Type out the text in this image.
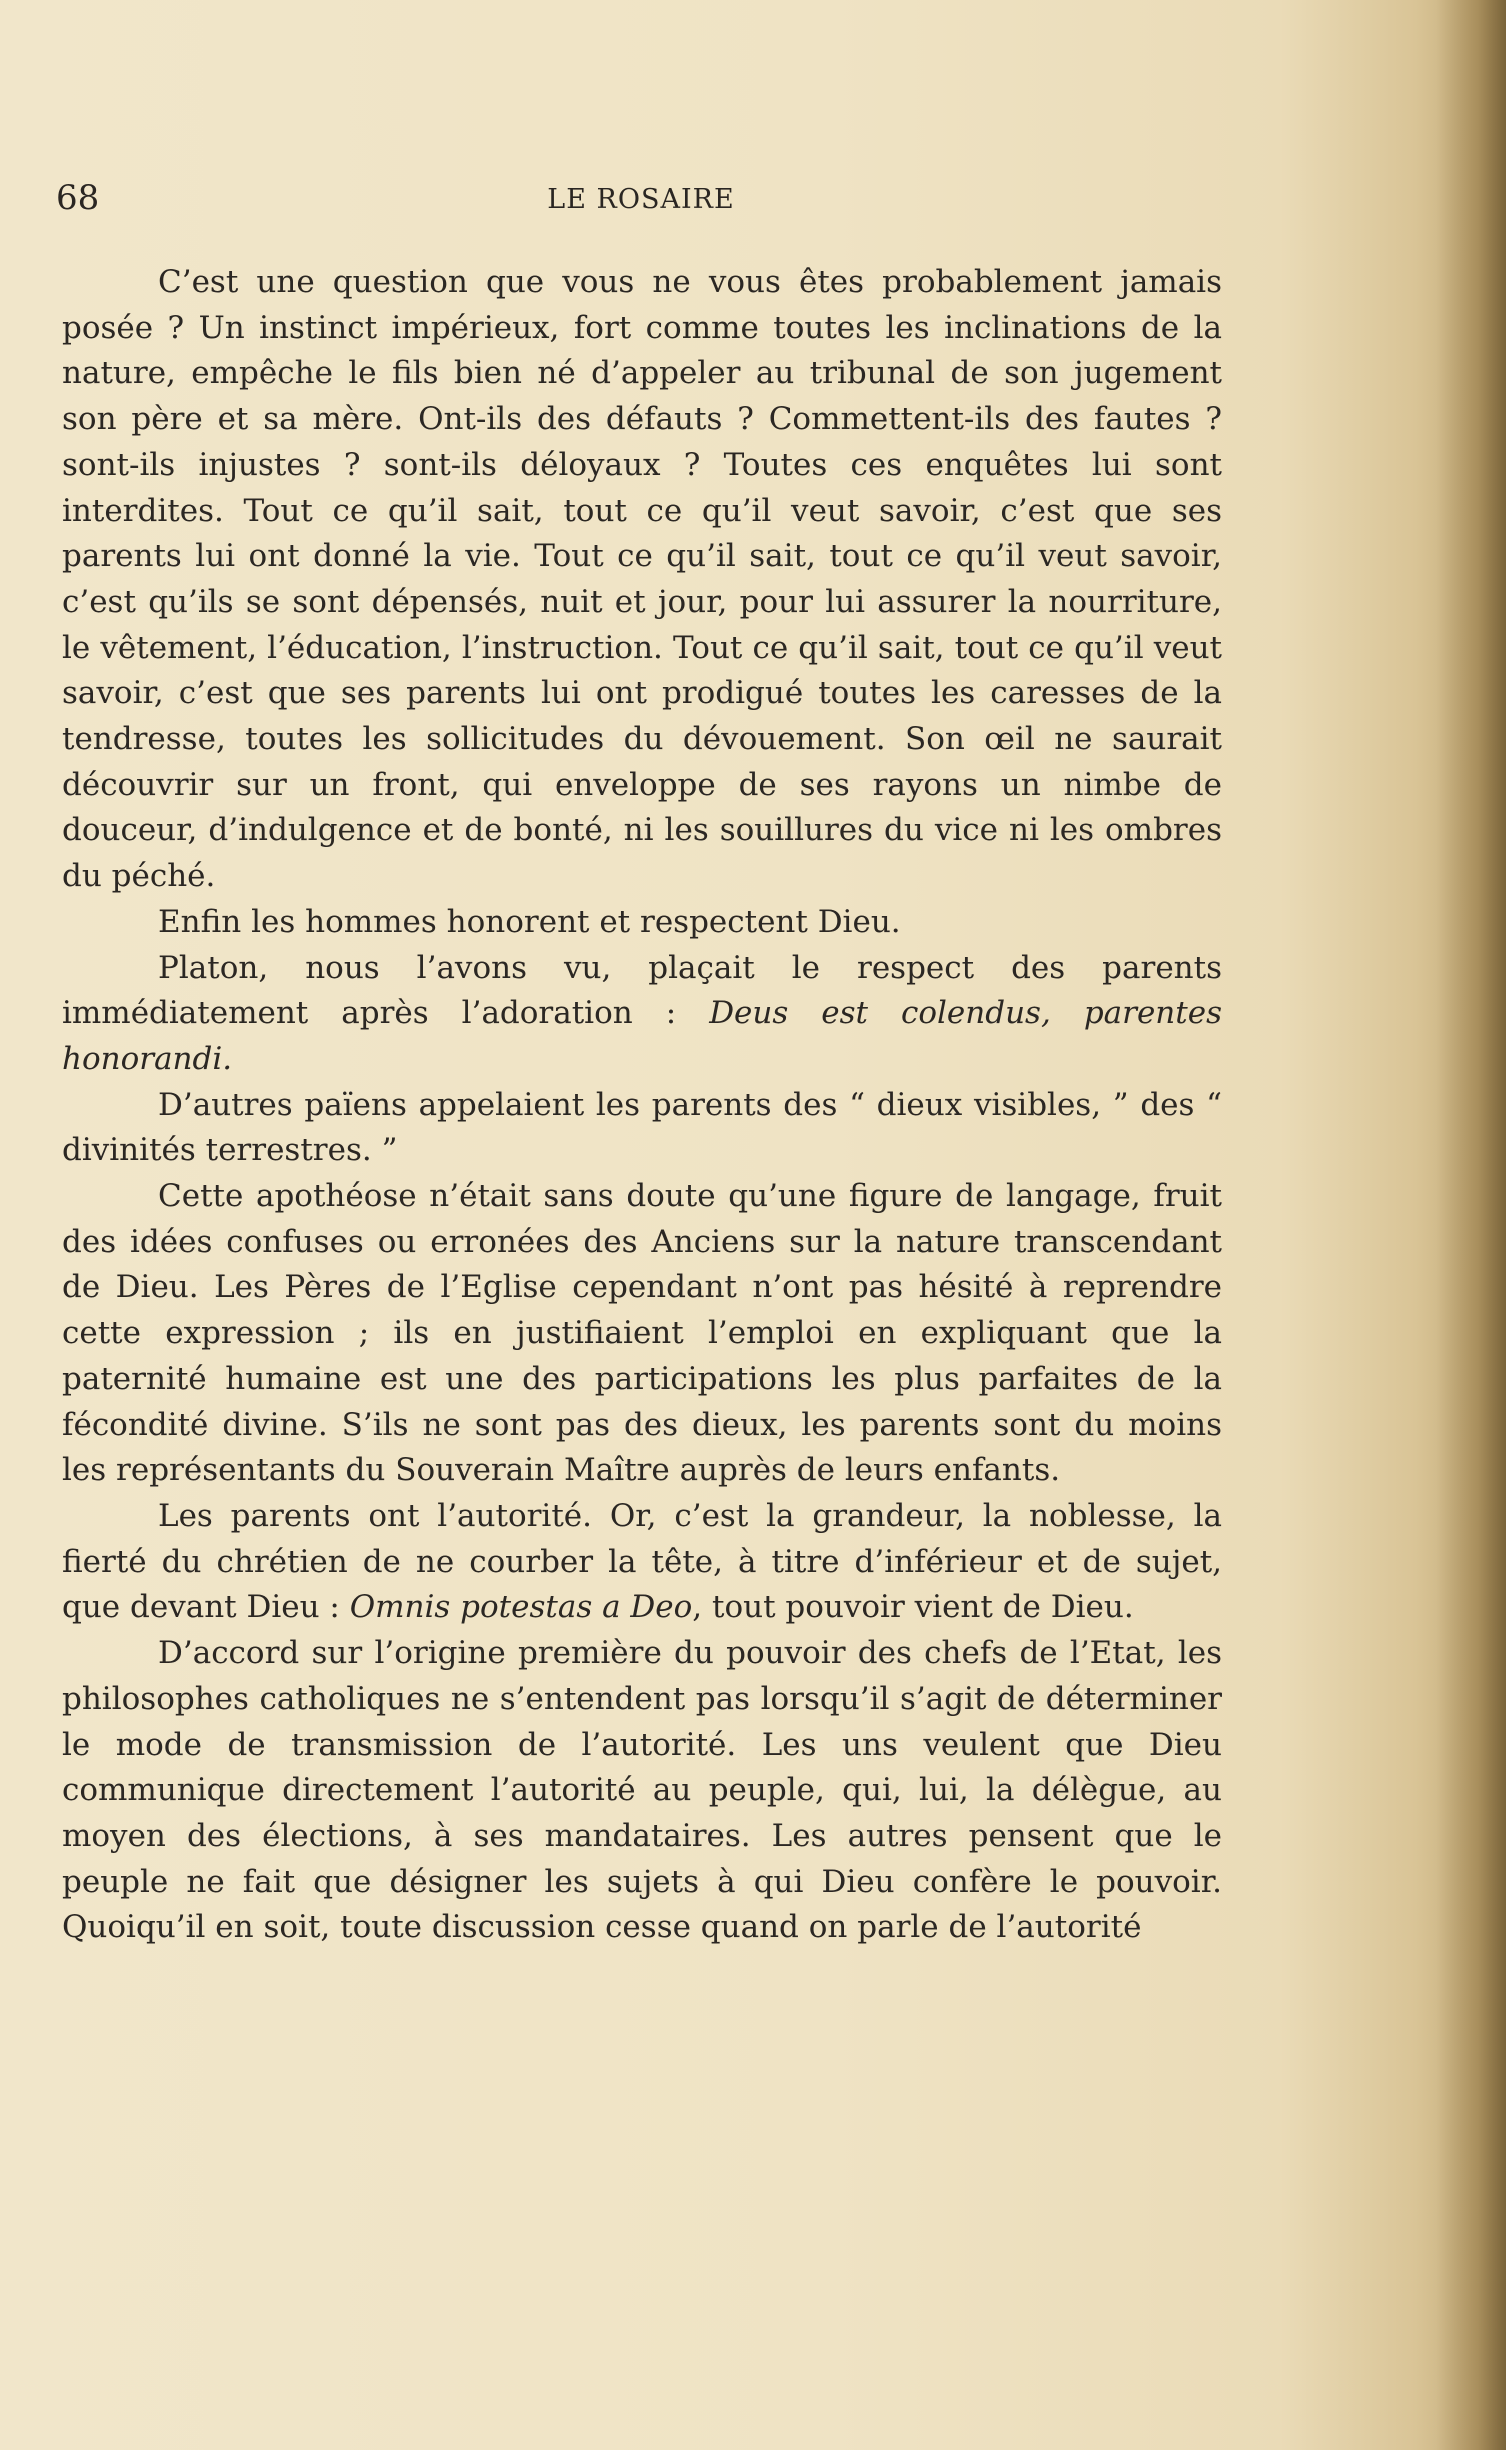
68	LE ROSAIRE

C’est une question que vous ne vous êtes probablement jamais posée ? Un instinct impérieux, fort comme toutes les inclinations de la nature, empêche le fils bien né d’appeler au tribunal de son jugement son père et sa mère. Ont-ils des défauts ? Commettent-ils des fautes ? sont-ils injustes ? sont-ils déloyaux ? Toutes ces enquêtes lui sont interdites. Tout ce qu’il sait, tout ce qu’il veut savoir, c’est que ses parents lui ont donné la vie. Tout ce qu’il sait, tout ce qu’il veut savoir, c’est qu’ils se sont dépensés, nuit et jour, pour lui assurer la nourriture, le vêtement, l’éducation, l’instruction. Tout ce qu’il sait, tout ce qu’il veut savoir, c’est que ses parents lui ont prodigué toutes les caresses de la tendresse, toutes les sollicitudes du dévouement. Son œil ne saurait découvrir sur un front, qui enveloppe de ses rayons un nimbe de douceur, d’indulgence et de bonté, ni les souillures du vice ni les ombres du péché.

Enfin les hommes honorent et respectent Dieu.

Platon, nous l’avons vu, plaçait le respect des parents immédiatement après l’adoration : Deus est colendus, parentes honorandi.

D’autres païens appelaient les parents des “ dieux visibles, ” des “ divinités terrestres. ”

Cette apothéose n’était sans doute qu’une figure de langage, fruit des idées confuses ou erronées des Anciens sur la nature transcendant de Dieu. Les Pères de l’Eglise cependant n’ont pas hésité à reprendre cette expression ; ils en justifiaient l’emploi en expliquant que la paternité humaine est une des participations les plus parfaites de la fécondité divine. S’ils ne sont pas des dieux, les parents sont du moins les représentants du Souverain Maître auprès de leurs enfants.

Les parents ont l’autorité. Or, c’est la grandeur, la noblesse, la fierté du chrétien de ne courber la tête, à titre d’inférieur et de sujet, que devant Dieu : Omnis potestas a Deo, tout pouvoir vient de Dieu.

D’accord sur l’origine première du pouvoir des chefs de l’Etat, les philosophes catholiques ne s’entendent pas lorsqu’il s’agit de déterminer le mode de transmission de l’autorité. Les uns veulent que Dieu communique directement l’autorité au peuple, qui, lui, la délègue, au moyen des élections, à ses mandataires. Les autres pensent que le peuple ne fait que désigner les sujets à qui Dieu confère le pouvoir. Quoiqu’il en soit, toute discussion cesse quand on parle de l’autorité
